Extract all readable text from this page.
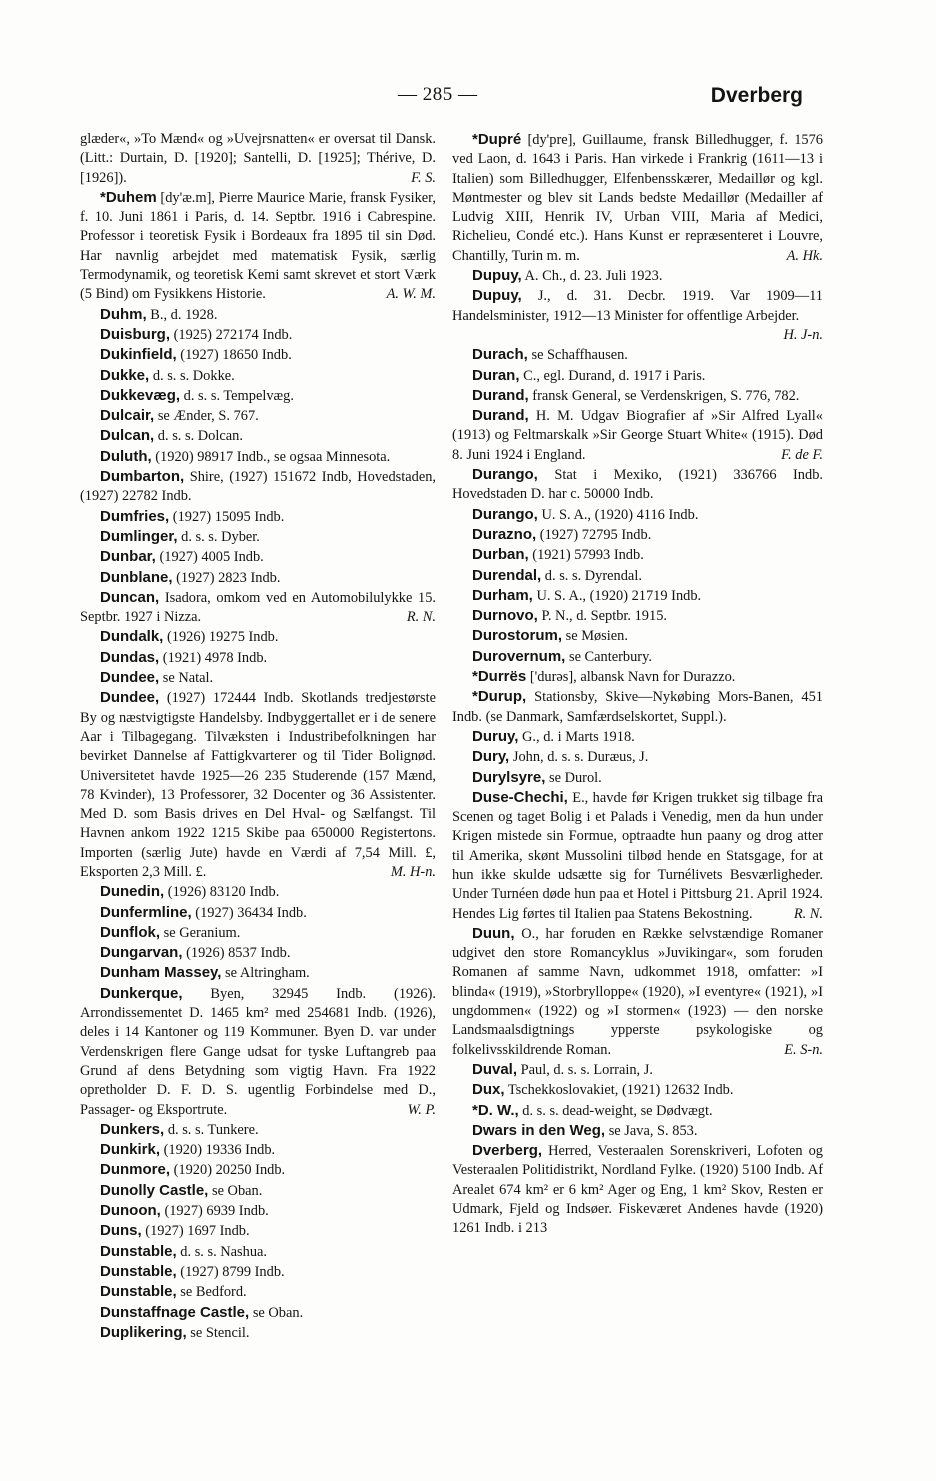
— 285 —	Dverberg

glæder«, »To Mænd« og »Uvejrsnatten« er oversat til Dansk. (Litt.: Durtain, D. [1920]; Santelli, D. [1925]; Thérive, D. [1926]).	F. S.

*Duhem [dy'æ.m], Pierre Maurice Marie, fransk Fysiker, f. 10. Juni 1861 i Paris, d. 14. Septbr. 1916 i Cabrespine. Professor i teoretisk Fysik i Bordeaux fra 1895 til sin Død. Har navnlig arbejdet med matematisk Fysik, særlig Termodynamik, og teoretisk Kemi samt skrevet et stort Værk (5 Bind) om Fysikkens Historie.	A. W. M.

Duhm, B., d. 1928.

Duisburg, (1925) 272174 Indb.

Dukinfield, (1927) 18650 Indb.

Dukke, d. s. s. Dokke.

Dukkevæg, d. s. s. Tempelvæg.

Dulcair, se Ænder, S. 767.

Dulcan, d. s. s. Dolcan.

Duluth, (1920) 98917 Indb., se ogsaa Minnesota.

Dumbarton, Shire, (1927) 151672 Indb, Hovedstaden, (1927) 22782 Indb.

Dumfries, (1927) 15095 Indb.

Dumlinger, d. s. s. Dyber.

Dunbar, (1927) 4005 Indb.

Dunblane, (1927) 2823 Indb.

Duncan, Isadora, omkom ved en Automobilulykke 15. Septbr. 1927 i Nizza.	R. N.

Dundalk, (1926) 19275 Indb.

Dundas, (1921) 4978 Indb.

Dundee, se Natal.

Dundee, (1927) 172444 Indb. Skotlands tredjestørste By og næstvigtigste Handelsby. Indbyggertallet er i de senere Aar i Tilbagegang. Tilvæksten i Industribefolkningen har bevirket Dannelse af Fattigkvarterer og til Tider Bolignød. Universitetet havde 1925—26 235 Studerende (157 Mænd, 78 Kvinder), 13 Professorer, 32 Docenter og 36 Assistenter. Med D. som Basis drives en Del Hval- og Sælfangst. Til Havnen ankom 1922 1215 Skibe paa 650000 Registertons. Importen (særlig Jute) havde en Værdi af 7,54 Mill. £, Eksporten 2,3 Mill. £.	M. H-n.

Dunedin, (1926) 83120 Indb.

Dunfermline, (1927) 36434 Indb.

Dunflok, se Geranium.

Dungarvan, (1926) 8537 Indb.

Dunham Massey, se Altringham.

Dunkerque, Byen, 32945 Indb. (1926). Arrondissementet D. 1465 km² med 254681 Indb. (1926), deles i 14 Kantoner og 119 Kommuner. Byen D. var under Verdenskrigen flere Gange udsat for tyske Luftangreb paa Grund af dens Betydning som vigtig Havn. Fra 1922 opretholder D. F. D. S. ugentlig Forbindelse med D., Passager- og Eksportrute.	W. P.

Dunkers, d. s. s. Tunkere.

Dunkirk, (1920) 19336 Indb.

Dunmore, (1920) 20250 Indb.

Dunolly Castle, se Oban.

Dunoon, (1927) 6939 Indb.

Duns, (1927) 1697 Indb.

Dunstable, d. s. s. Nashua.

Dunstable, (1927) 8799 Indb.

Dunstable, se Bedford.

Dunstaffnage Castle, se Oban.

Duplikering, se Stencil.

*Dupré [dy'pre], Guillaume, fransk Billedhugger, f. 1576 ved Laon, d. 1643 i Paris. Han virkede i Frankrig (1611—13 i Italien) som Billedhugger, Elfenbensskærer, Medaillør og kgl. Møntmester og blev sit Lands bedste Medaillør (Medailler af Ludvig XIII, Henrik IV, Urban VIII, Maria af Medici, Richelieu, Condé etc.). Hans Kunst er repræsenteret i Louvre, Chantilly, Turin m. m.	A. Hk.

Dupuy, A. Ch., d. 23. Juli 1923.

Dupuy, J., d. 31. Decbr. 1919. Var 1909—11 Handelsminister, 1912—13 Minister for offentlige Arbejder.
H. J-n.

Durach, se Schaffhausen.

Duran, C., egl. Durand, d. 1917 i Paris.

Durand, fransk General, se Verdenskrigen, S. 776, 782.

Durand, H. M. Udgav Biografier af »Sir Alfred Lyall« (1913) og Feltmarskalk »Sir George Stuart White« (1915). Død 8. Juni 1924 i England.	F. de F.

Durango, Stat i Mexiko, (1921) 336766 Indb. Hovedstaden D. har c. 50000 Indb.

Durango, U. S. A., (1920) 4116 Indb.

Durazno, (1927) 72795 Indb.

Durban, (1921) 57993 Indb.

Durendal, d. s. s. Dyrendal.

Durham, U. S. A., (1920) 21719 Indb.

Durnovo, P. N., d. Septbr. 1915.

Durostorum, se Møsien.

Durovernum, se Canterbury.

*Durrës ['durəs], albansk Navn for Durazzo.

*Durup, Stationsby, Skive—Nykøbing Mors-Banen, 451 Indb. (se Danmark, Samfærdselskortet, Suppl.).

Duruy, G., d. i Marts 1918.

Dury, John, d. s. s. Duræus, J.

Durylsyre, se Durol.

Duse-Chechi, E., havde før Krigen trukket sig tilbage fra Scenen og taget Bolig i et Palads i Venedig, men da hun under Krigen mistede sin Formue, optraadte hun paany og drog atter til Amerika, skønt Mussolini tilbød hende en Statsgage, for at hun ikke skulde udsætte sig for Turnélivets Besværligheder. Under Turnéen døde hun paa et Hotel i Pittsburg 21. April 1924. Hendes Lig førtes til Italien paa Statens Bekostning.	R. N.

Duun, O., har foruden en Række selvstændige Romaner udgivet den store Romancyklus »Juvikingar«, som foruden Romanen af samme Navn, udkommet 1918, omfatter: »I blinda« (1919), »Storbrylloppe« (1920), »I eventyre« (1921), »I ungdommen« (1922) og »I stormen« (1923) — den norske Landsmaalsdigtnings ypperste psykologiske og folkelivsskildrende Roman.	E. S-n.

Duval, Paul, d. s. s. Lorrain, J.

Dux, Tschekkoslovakiet, (1921) 12632 Indb.

*D. W., d. s. s. dead-weight, se Dødvægt.

Dwars in den Weg, se Java, S. 853.

Dverberg, Herred, Vesteraalen Sorenskriveri, Lofoten og Vesteraalen Politidistrikt, Nordland Fylke. (1920) 5100 Indb. Af Arealet 674 km² er 6 km² Ager og Eng, 1 km² Skov, Resten er Udmark, Fjeld og Indsøer. Fiskeværet Andenes havde (1920) 1261 Indb. i 213
